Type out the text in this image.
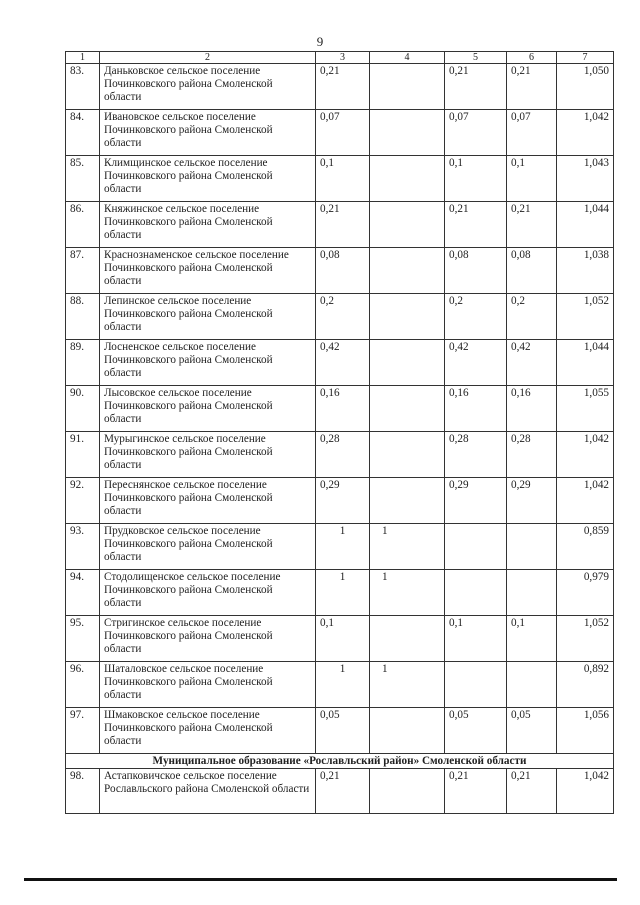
9
1	2	3	4	5	6	7
83.	Даньковское сельское поселение Починковского района Смоленской области	0,21		0,21	0,21	1,050
84.	Ивановское сельское поселение Починковского района Смоленской области	0,07		0,07	0,07	1,042
85.	Климщинское сельское поселение Починковского района Смоленской области	0,1		0,1	0,1	1,043
86.	Княжинское сельское поселение Починковского района Смоленской области	0,21		0,21	0,21	1,044
87.	Краснознаменское сельское поселение Починковского района Смоленской области	0,08		0,08	0,08	1,038
88.	Лепинское сельское поселение Починковского района Смоленской области	0,2		0,2	0,2	1,052
89.	Лосненское сельское поселение Починковского района Смоленской области	0,42		0,42	0,42	1,044
90.	Лысовское сельское поселение Починковского района Смоленской области	0,16		0,16	0,16	1,055
91.	Мурыгинское сельское поселение Починковского района Смоленской области	0,28		0,28	0,28	1,042
92.	Переснянское сельское поселение Починковского района Смоленской области	0,29		0,29	0,29	1,042
93.	Прудковское сельское поселение Починковского района Смоленской области	1	1			0,859
94.	Стодолищенское сельское поселение Починковского района Смоленской области	1	1			0,979
95.	Стригинское сельское поселение Починковского района Смоленской области	0,1		0,1	0,1	1,052
96.	Шаталовское сельское поселение Починковского района Смоленской области	1	1			0,892
97.	Шмаковское сельское поселение Починковского района Смоленской области	0,05		0,05	0,05	1,056
Муниципальное образование «Рославльский район» Смоленской области						
98.	Астапковичское сельское поселение Рославльского района Смоленской области	0,21		0,21	0,21	1,042
